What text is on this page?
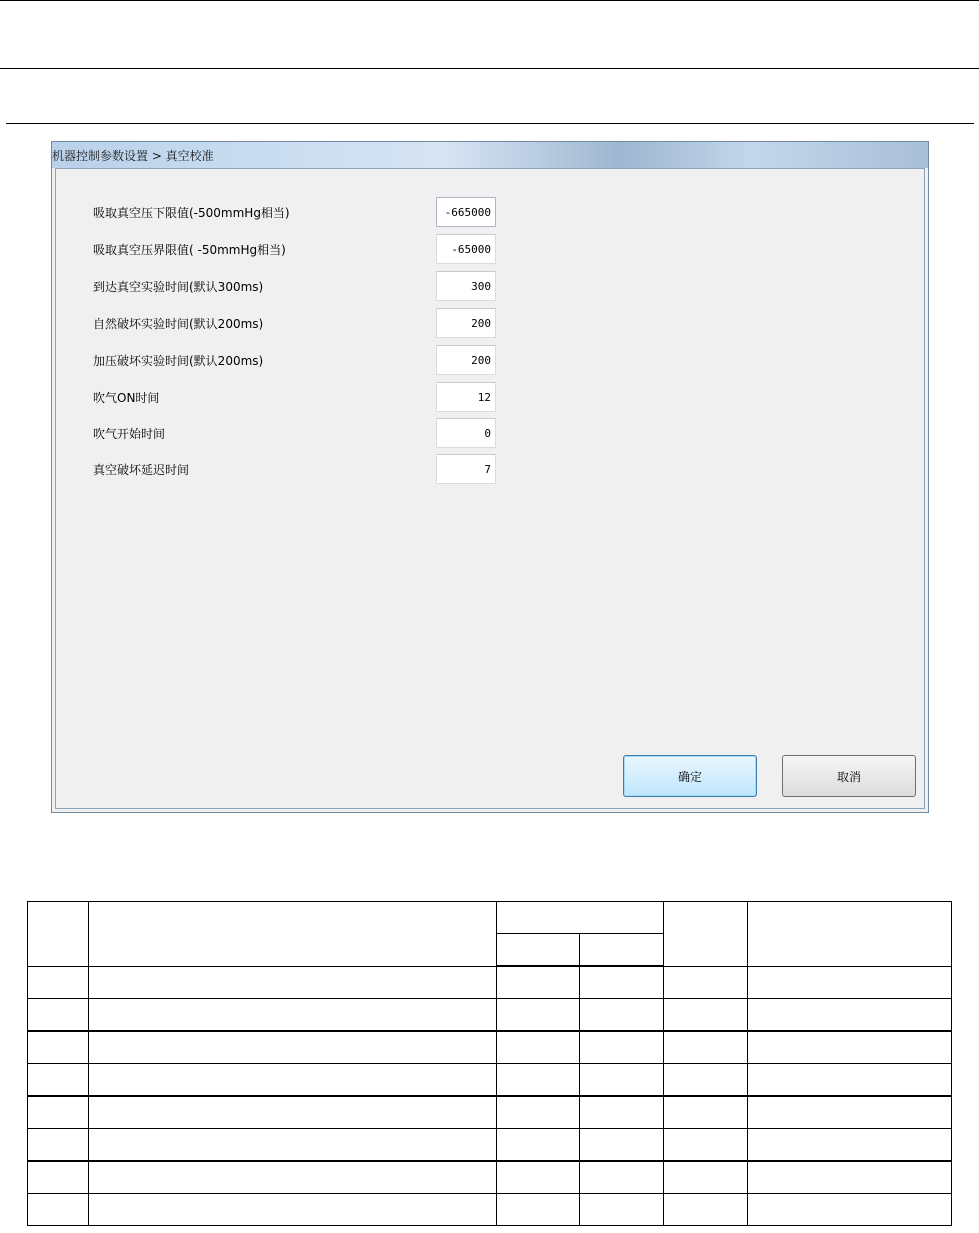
机器控制参数设置 > 真空校准
吸取真空压下限值(-500mmHg相当)
-665000
吸取真空压界限值( -50mmHg相当)
-65000
到达真空实验时间(默认300ms)
300
自然破坏实验时间(默认200ms)
200
加压破坏实验时间(默认200ms)
200
吹气ON时间
12
吹气开始时间
0
真空破坏延迟时间
7
确定	取消
